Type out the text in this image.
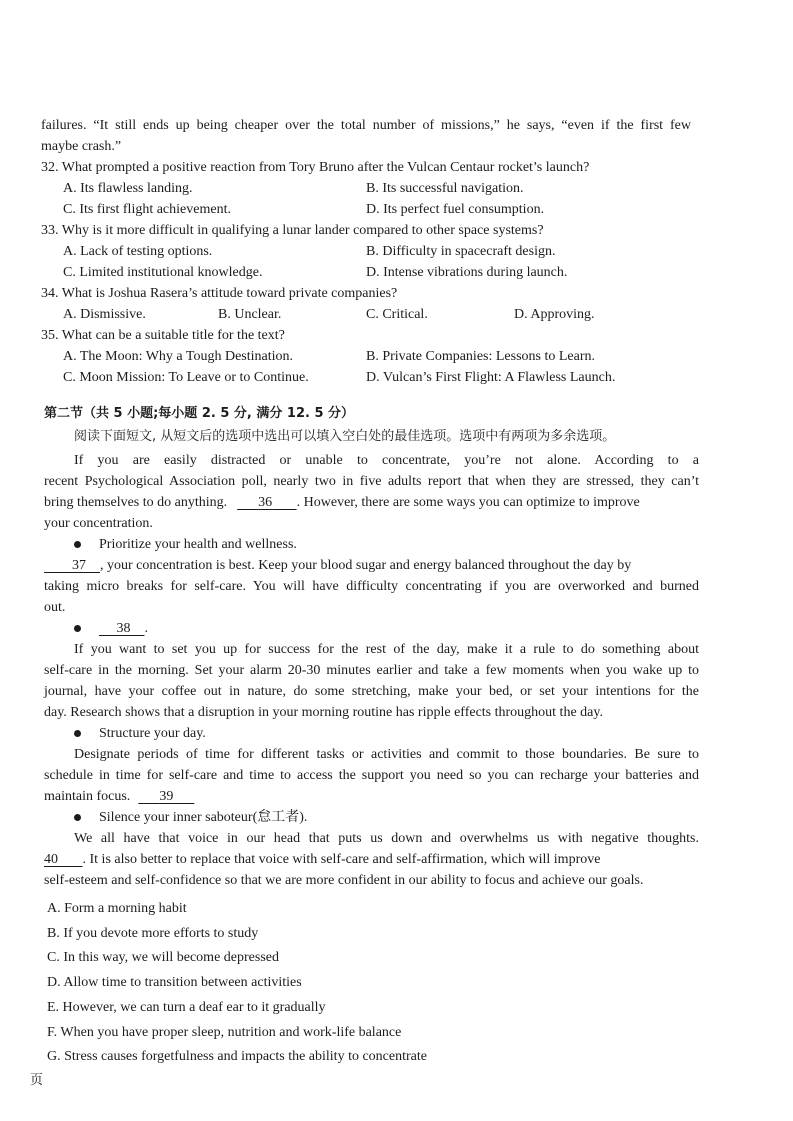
failures. “It still ends up being cheaper over the total number of missions,” he says, “even if the first few
maybe crash.”
32. What prompted a positive reaction from Tory Bruno after the Vulcan Centaur rocket’s launch?
A. Its flawless landing.	B. Its successful navigation.
C. Its first flight achievement.	D. Its perfect fuel consumption.
33. Why is it more difficult in qualifying a lunar lander compared to other space systems?
A. Lack of testing options.	B. Difficulty in spacecraft design.
C. Limited institutional knowledge.	D. Intense vibrations during launch.
34. What is Joshua Rasera’s attitude toward private companies?
A. Dismissive.	B. Unclear.	C. Critical.	D. Approving.
35. What can be a suitable title for the text?
A. The Moon: Why a Tough Destination.	B. Private Companies: Lessons to Learn.
C. Moon Mission: To Leave or to Continue.	D. Vulcan’s First Flight: A Flawless Launch.
第二节（共 5 小题;每小题 2. 5 分, 满分 12. 5 分）
阅读下面短文, 从短文后的选项中选出可以填入空白处的最佳选项。选项中有两项为多余选项。
If you are easily distracted or unable to concentrate, you’re not alone. According to a
recent Psychological Association poll, nearly two in five adults report that when they are stressed, they can’t
bring themselves to do anything. 36 . However, there are some ways you can optimize to improve
your concentration.
Prioritize your health and wellness.
37 , your concentration is best. Keep your blood sugar and energy balanced throughout the day by
taking micro breaks for self-care. You will have difficulty concentrating if you are overworked and burned
out.
38 .
If you want to set you up for success for the rest of the day, make it a rule to do something about
self-care in the morning. Set your alarm 20-30 minutes earlier and take a few moments when you wake up to
journal, have your coffee out in nature, do some stretching, make your bed, or set your intentions for the
day. Research shows that a disruption in your morning routine has ripple effects throughout the day.
Structure your day.
Designate periods of time for different tasks or activities and commit to those boundaries. Be sure to
schedule in time for self-care and time to access the support you need so you can recharge your batteries and
maintain focus. 39
Silence your inner saboteur(怠工者).
We all have that voice in our head that puts us down and overwhelms us with negative thoughts.
40 . It is also better to replace that voice with self-care and self-affirmation, which will improve
self-esteem and self-confidence so that we are more confident in our ability to focus and achieve our goals.
A. Form a morning habit
B. If you devote more efforts to study
C. In this way, we will become depressed
D. Allow time to transition between activities
E. However, we can turn a deaf ear to it gradually
F. When you have proper sleep, nutrition and work-life balance
G. Stress causes forgetfulness and impacts the ability to concentrate
页
